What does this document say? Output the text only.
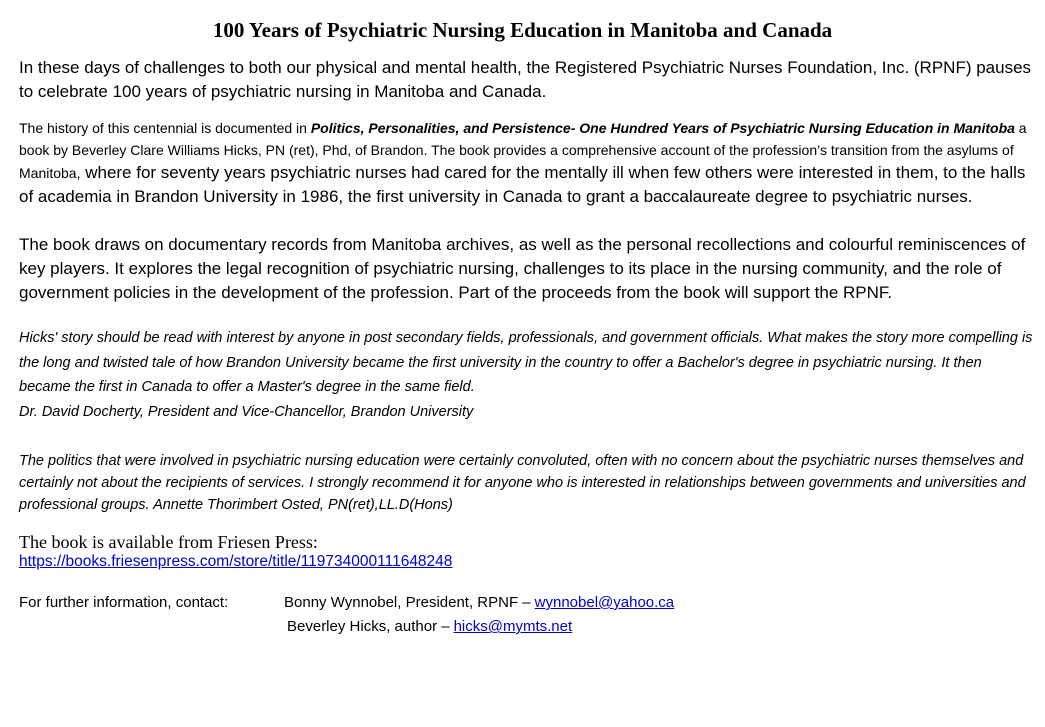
100 Years of Psychiatric Nursing Education in Manitoba and Canada

In these days of challenges to both our physical and mental health, the Registered Psychiatric Nurses Foundation, Inc. (RPNF) pauses to celebrate 100 years of psychiatric nursing in Manitoba and Canada.

The history of this centennial is documented in Politics, Personalities, and Persistence- One Hundred Years of Psychiatric Nursing Education in Manitoba a book by Beverley Clare Williams Hicks, PN (ret), Phd, of Brandon. The book provides a comprehensive account of the profession’s transition from the asylums of Manitoba, where for seventy years psychiatric nurses had cared for the mentally ill when few others were interested in them, to the halls of academia in Brandon University in 1986, the first university in Canada to grant a baccalaureate degree to psychiatric nurses.

The book draws on documentary records from Manitoba archives, as well as the personal recollections and colourful reminiscences of key players. It explores the legal recognition of psychiatric nursing, challenges to its place in the nursing community, and the role of government policies in the development of the profession. Part of the proceeds from the book will support the RPNF.

Hicks' story should be read with interest by anyone in post secondary fields, professionals, and government officials. What makes the story more compelling is the long and twisted tale of how Brandon University became the first university in the country to offer a Bachelor's degree in psychiatric nursing. It then became the first in Canada to offer a Master's degree in the same field.
Dr. David Docherty, President and Vice-Chancellor, Brandon University

The politics that were involved in psychiatric nursing education were certainly convoluted, often with no concern about the psychiatric nurses themselves and certainly not about the recipients of services. I strongly recommend it for anyone who is interested in relationships between governments and universities and professional groups. Annette Thorimbert Osted, PN(ret),LL.D(Hons)

The book is available from Friesen Press:

https://books.friesenpress.com/store/title/119734000111648248
For further information, contact:	Bonny Wynnobel, President, RPNF – wynnobel@yahoo.ca
Beverley Hicks, author – hicks@mymts.net
